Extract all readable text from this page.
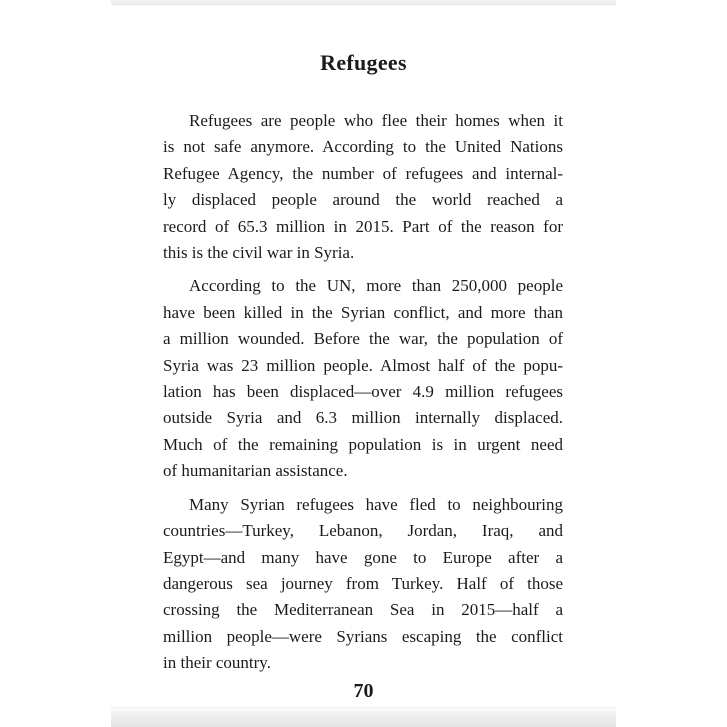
Refugees
Refugees are people who flee their homes when it
is not safe anymore. According to the United Nations
Refugee Agency, the number of refugees and internal-
ly displaced people around the world reached a
record of 65.3 million in 2015. Part of the reason for
this is the civil war in Syria.
According to the UN, more than 250,000 people
have been killed in the Syrian conflict, and more than
a million wounded. Before the war, the population of
Syria was 23 million people. Almost half of the popu-
lation has been displaced—over 4.9 million refugees
outside Syria and 6.3 million internally displaced.
Much of the remaining population is in urgent need
of humanitarian assistance.
Many Syrian refugees have fled to neighbouring
countries—Turkey, Lebanon, Jordan, Iraq, and
Egypt—and many have gone to Europe after a
dangerous sea journey from Turkey. Half of those
crossing the Mediterranean Sea in 2015—half a
million people—were Syrians escaping the conflict
in their country.
70
